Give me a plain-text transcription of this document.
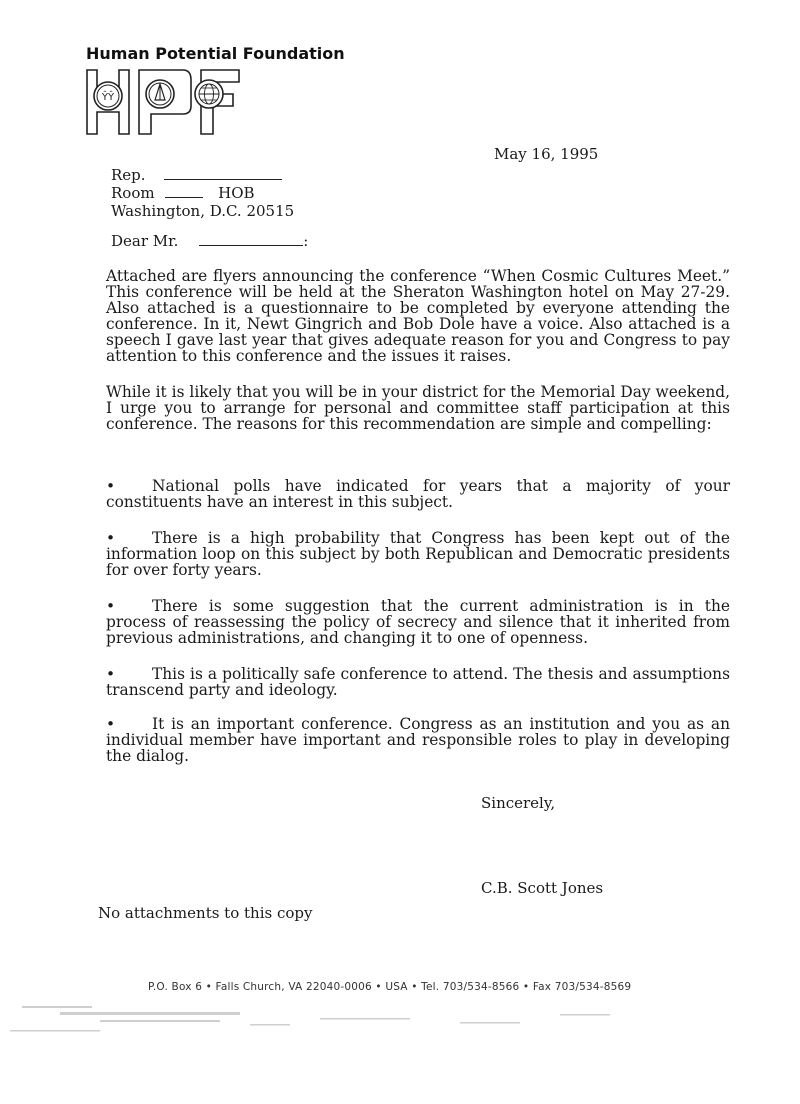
Human Potential Foundation
ŶŶ
May 16, 1995
Rep.
Room	HOB
Washington, D.C. 20515
Dear Mr.	:
Attached are flyers announcing the conference “When Cosmic Cultures Meet.” This conference will be held at the Sheraton Washington hotel on May 27-29. Also attached is a questionnaire to be completed by everyone attending the conference. In it, Newt Gingrich and Bob Dole have a voice. Also attached is a speech I gave last year that gives adequate reason for you and Congress to pay attention to this conference and the issues it raises.
While it is likely that you will be in your district for the Memorial Day weekend, I urge you to arrange for personal and committee staff participation at this conference. The reasons for this recommendation are simple and compelling:
• National polls have indicated for years that a majority of your constituents have an interest in this subject.
• There is a high probability that Congress has been kept out of the information loop on this subject by both Republican and Democratic presidents for over forty years.
• There is some suggestion that the current administration is in the process of reassessing the policy of secrecy and silence that it inherited from previous administrations, and changing it to one of openness.
• This is a politically safe conference to attend. The thesis and assumptions transcend party and ideology.
• It is an important conference. Congress as an institution and you as an individual member have important and responsible roles to play in developing the dialog.
Sincerely,
C.B. Scott Jones
No attachments to this copy
P.O. Box 6 • Falls Church, VA 22040-0006 • USA • Tel. 703/534-8566 • Fax 703/534-8569
